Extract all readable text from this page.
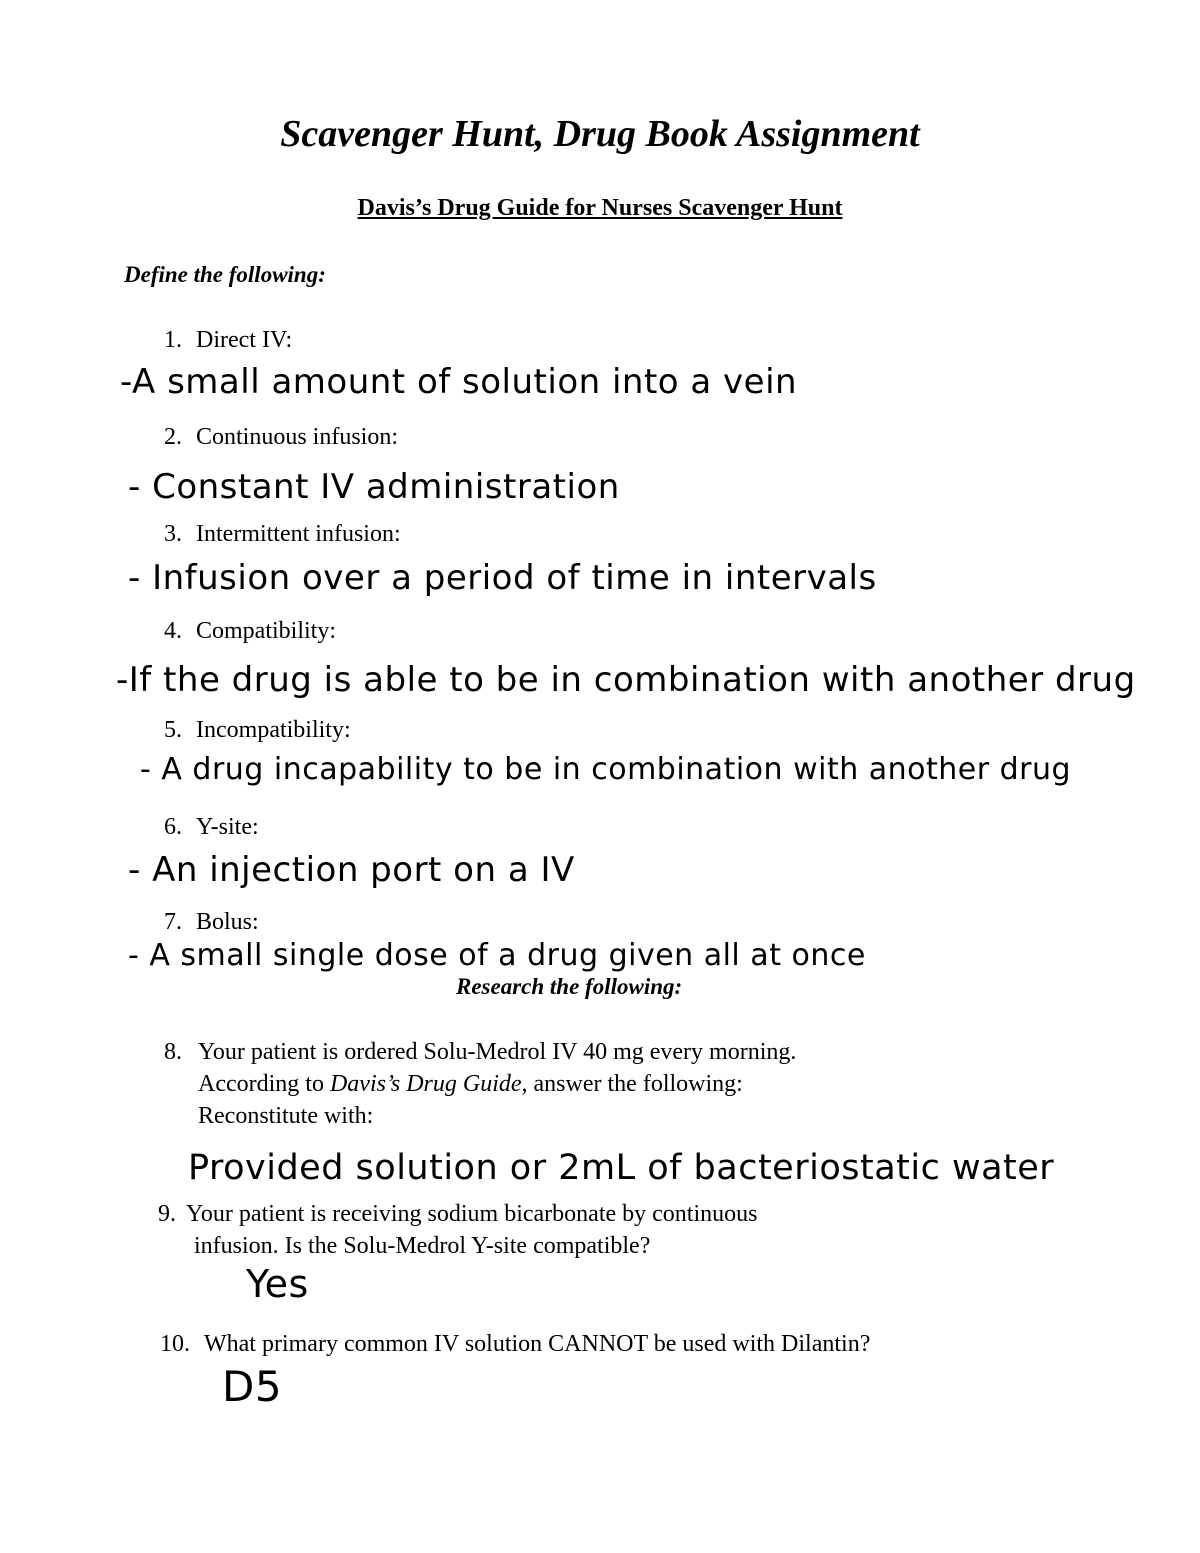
Scavenger Hunt, Drug Book Assignment
Davis’s Drug Guide for Nurses Scavenger Hunt
Define the following:
1. Direct IV:
-A small amount of solution into a vein
2. Continuous infusion:
- Constant IV administration
3. Intermittent infusion:
- Infusion over a period of time in intervals
4. Compatibility:
-If the drug is able to be in combination with another drug
5. Incompatibility:
- A drug incapability to be in combination with another drug
6. Y-site:
- An injection port on a IV
7. Bolus:
- A small single dose of a drug given all at once
Research the following:
8. Your patient is ordered Solu-Medrol IV 40 mg every morning.
According to Davis’s Drug Guide, answer the following:
Reconstitute with:
Provided solution or 2mL of bacteriostatic water
9. Your patient is receiving sodium bicarbonate by continuous
infusion. Is the Solu-Medrol Y-site compatible?
Yes
10. What primary common IV solution CANNOT be used with Dilantin?
D5
